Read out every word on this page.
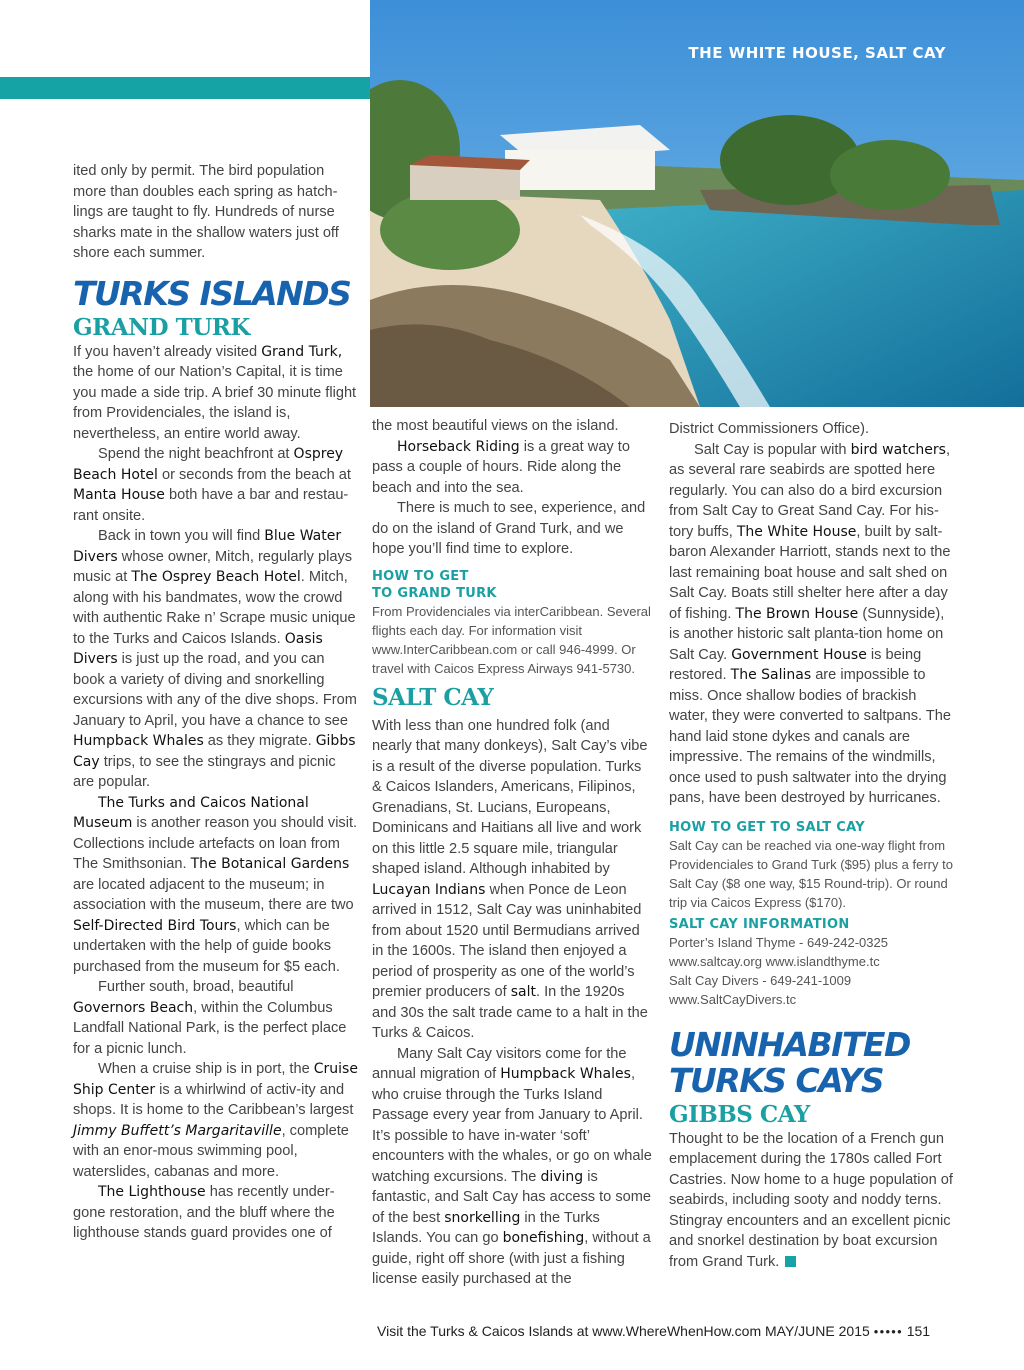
THE WHITE HOUSE, SALT CAY

ited only by permit. The bird population more than doubles each spring as hatch-lings are taught to fly. Hundreds of nurse sharks mate in the shallow waters just off shore each summer.

TURKS ISLANDS
GRAND TURK

If you haven’t already visited Grand Turk, the home of our Nation’s Capital, it is time you made a side trip. A brief 30 minute flight from Providenciales, the island is, nevertheless, an entire world away.

Spend the night beachfront at Osprey Beach Hotel or seconds from the beach at Manta House both have a bar and restau-rant onsite.

Back in town you will find Blue Water Divers whose owner, Mitch, regularly plays music at The Osprey Beach Hotel. Mitch, along with his bandmates, wow the crowd with authentic Rake n’ Scrape music unique to the Turks and Caicos Islands. Oasis Divers is just up the road, and you can book a variety of diving and snorkelling excursions with any of the dive shops. From January to April, you have a chance to see Humpback Whales as they migrate. Gibbs Cay trips, to see the stingrays and picnic are popular.

The Turks and Caicos National Museum is another reason you should visit. Collections include artefacts on loan from The Smithsonian. The Botanical Gardens are located adjacent to the museum; in association with the museum, there are two Self-Directed Bird Tours, which can be undertaken with the help of guide books purchased from the museum for $5 each.

Further south, broad, beautiful Governors Beach, within the Columbus Landfall National Park, is the perfect place for a picnic lunch.

When a cruise ship is in port, the Cruise Ship Center is a whirlwind of activ-ity and shops. It is home to the Caribbean’s largest Jimmy Buffett’s Margaritaville, complete with an enor-mous swimming pool, waterslides, cabanas and more.

The Lighthouse has recently under-gone restoration, and the bluff where the lighthouse stands guard provides one of

the most beautiful views on the island.

Horseback Riding is a great way to pass a couple of hours. Ride along the beach and into the sea.

There is much to see, experience, and do on the island of Grand Turk, and we hope you’ll find time to explore.

HOW TO GET
TO GRAND TURK

From Providenciales via interCaribbean. Several flights each day. For information visit www.InterCaribbean.com or call 946-4999. Or travel with Caicos Express Airways 941-5730.

SALT CAY

With less than one hundred folk (and nearly that many donkeys), Salt Cay’s vibe is a result of the diverse population. Turks & Caicos Islanders, Americans, Filipinos, Grenadians, St. Lucians, Europeans, Dominicans and Haitians all live and work on this little 2.5 square mile, triangular shaped island. Although inhabited by Lucayan Indians when Ponce de Leon arrived in 1512, Salt Cay was uninhabited from about 1520 until Bermudians arrived in the 1600s. The island then enjoyed a period of prosperity as one of the world’s premier producers of salt. In the 1920s and 30s the salt trade came to a halt in the Turks & Caicos.

Many Salt Cay visitors come for the annual migration of Humpback Whales, who cruise through the Turks Island Passage every year from January to April. It’s possible to have in-water ‘soft’ encounters with the whales, or go on whale watching excursions. The diving is fantastic, and Salt Cay has access to some of the best snorkelling in the Turks Islands. You can go bonefishing, without a guide, right off shore (with just a fishing license easily purchased at the

District Commissioners Office).

Salt Cay is popular with bird watchers, as several rare seabirds are spotted here regularly. You can also do a bird excursion from Salt Cay to Great Sand Cay. For his-tory buffs, The White House, built by salt-baron Alexander Harriott, stands next to the last remaining boat house and salt shed on Salt Cay. Boats still shelter here after a day of fishing. The Brown House (Sunnyside), is another historic salt planta-tion home on Salt Cay. Government House is being restored. The Salinas are impossible to miss. Once shallow bodies of brackish water, they were converted to saltpans. The hand laid stone dykes and canals are impressive. The remains of the windmills, once used to push saltwater into the drying pans, have been destroyed by hurricanes.

HOW TO GET TO SALT CAY

Salt Cay can be reached via one-way flight from Providenciales to Grand Turk ($95) plus a ferry to Salt Cay ($8 one way, $15 Round-trip). Or round trip via Caicos Express ($170).

SALT CAY INFORMATION

Porter’s Island Thyme - 649-242-0325

www.saltcay.org www.islandthyme.tc

Salt Cay Divers - 649-241-1009

www.SaltCayDivers.tc

UNINHABITED
TURKS CAYS
GIBBS CAY

Thought to be the location of a French gun emplacement during the 1780s called Fort Castries. Now home to a huge population of seabirds, including sooty and noddy terns. Stingray encounters and an excellent picnic and snorkel destination by boat excursion from Grand Turk.

Visit the Turks & Caicos Islands at www.WhereWhenHow.com MAY/JUNE 2015 ●●●●● 151
